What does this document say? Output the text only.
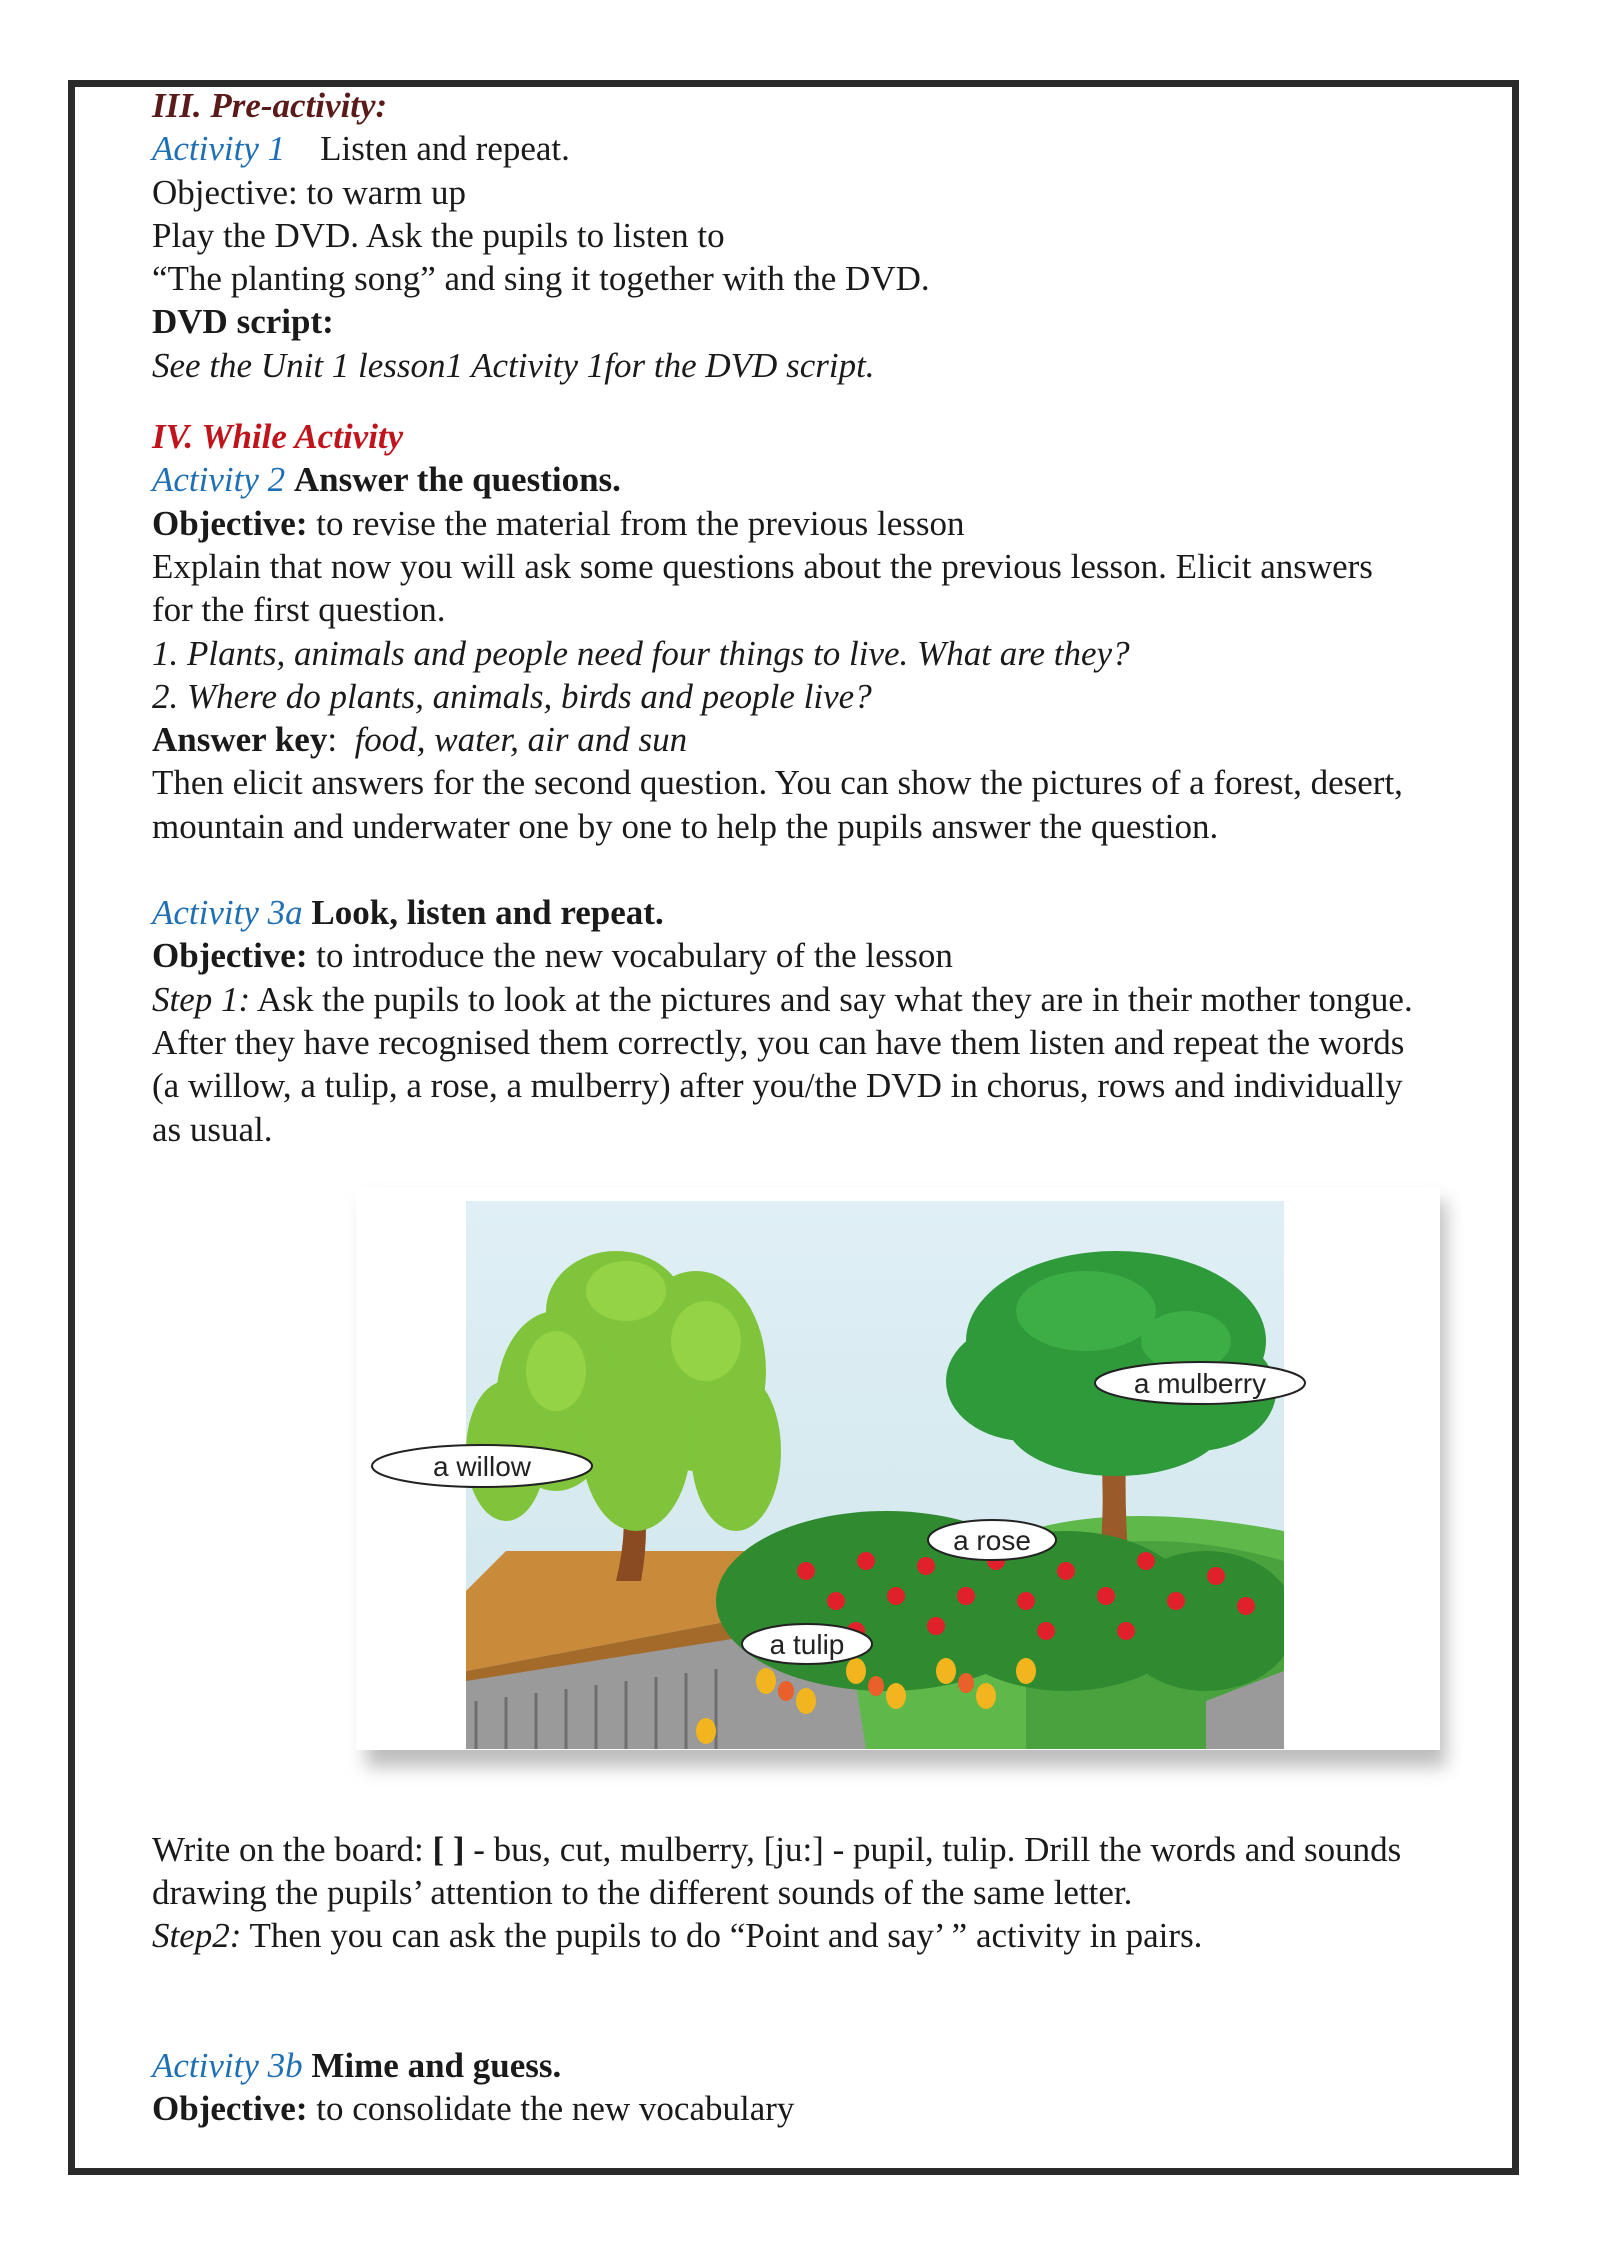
III. Pre-activity:
Activity 1 Listen and repeat.
Objective: to warm up
Play the DVD. Ask the pupils to listen to
“The planting song” and sing it together with the DVD.
DVD script:
See the Unit 1 lesson1 Activity 1for the DVD script.
IV. While Activity
Activity 2 Answer the questions.
Objective: to revise the material from the previous lesson
Explain that now you will ask some questions about the previous lesson. Elicit answers
for the first question.
1. Plants, animals and people need four things to live. What are they?
2. Where do plants, animals, birds and people live?
Answer key: food, water, air and sun
Then elicit answers for the second question. You can show the pictures of a forest, desert,
mountain and underwater one by one to help the pupils answer the question.
Activity 3a Look, listen and repeat.
Objective: to introduce the new vocabulary of the lesson
Step 1: Ask the pupils to look at the pictures and say what they are in their mother tongue.
After they have recognised them correctly, you can have them listen and repeat the words
(a willow, a tulip, a rose, a mulberry) after you/the DVD in chorus, rows and individually
as usual.
a willow
a mulberry
a rose
a tulip
Write on the board: [ ] - bus, cut, mulberry, [ju:] - pupil, tulip. Drill the words and sounds
drawing the pupils’ attention to the different sounds of the same letter.
Step2: Then you can ask the pupils to do “Point and say’ ” activity in pairs.
Activity 3b Mime and guess.
Objective: to consolidate the new vocabulary
